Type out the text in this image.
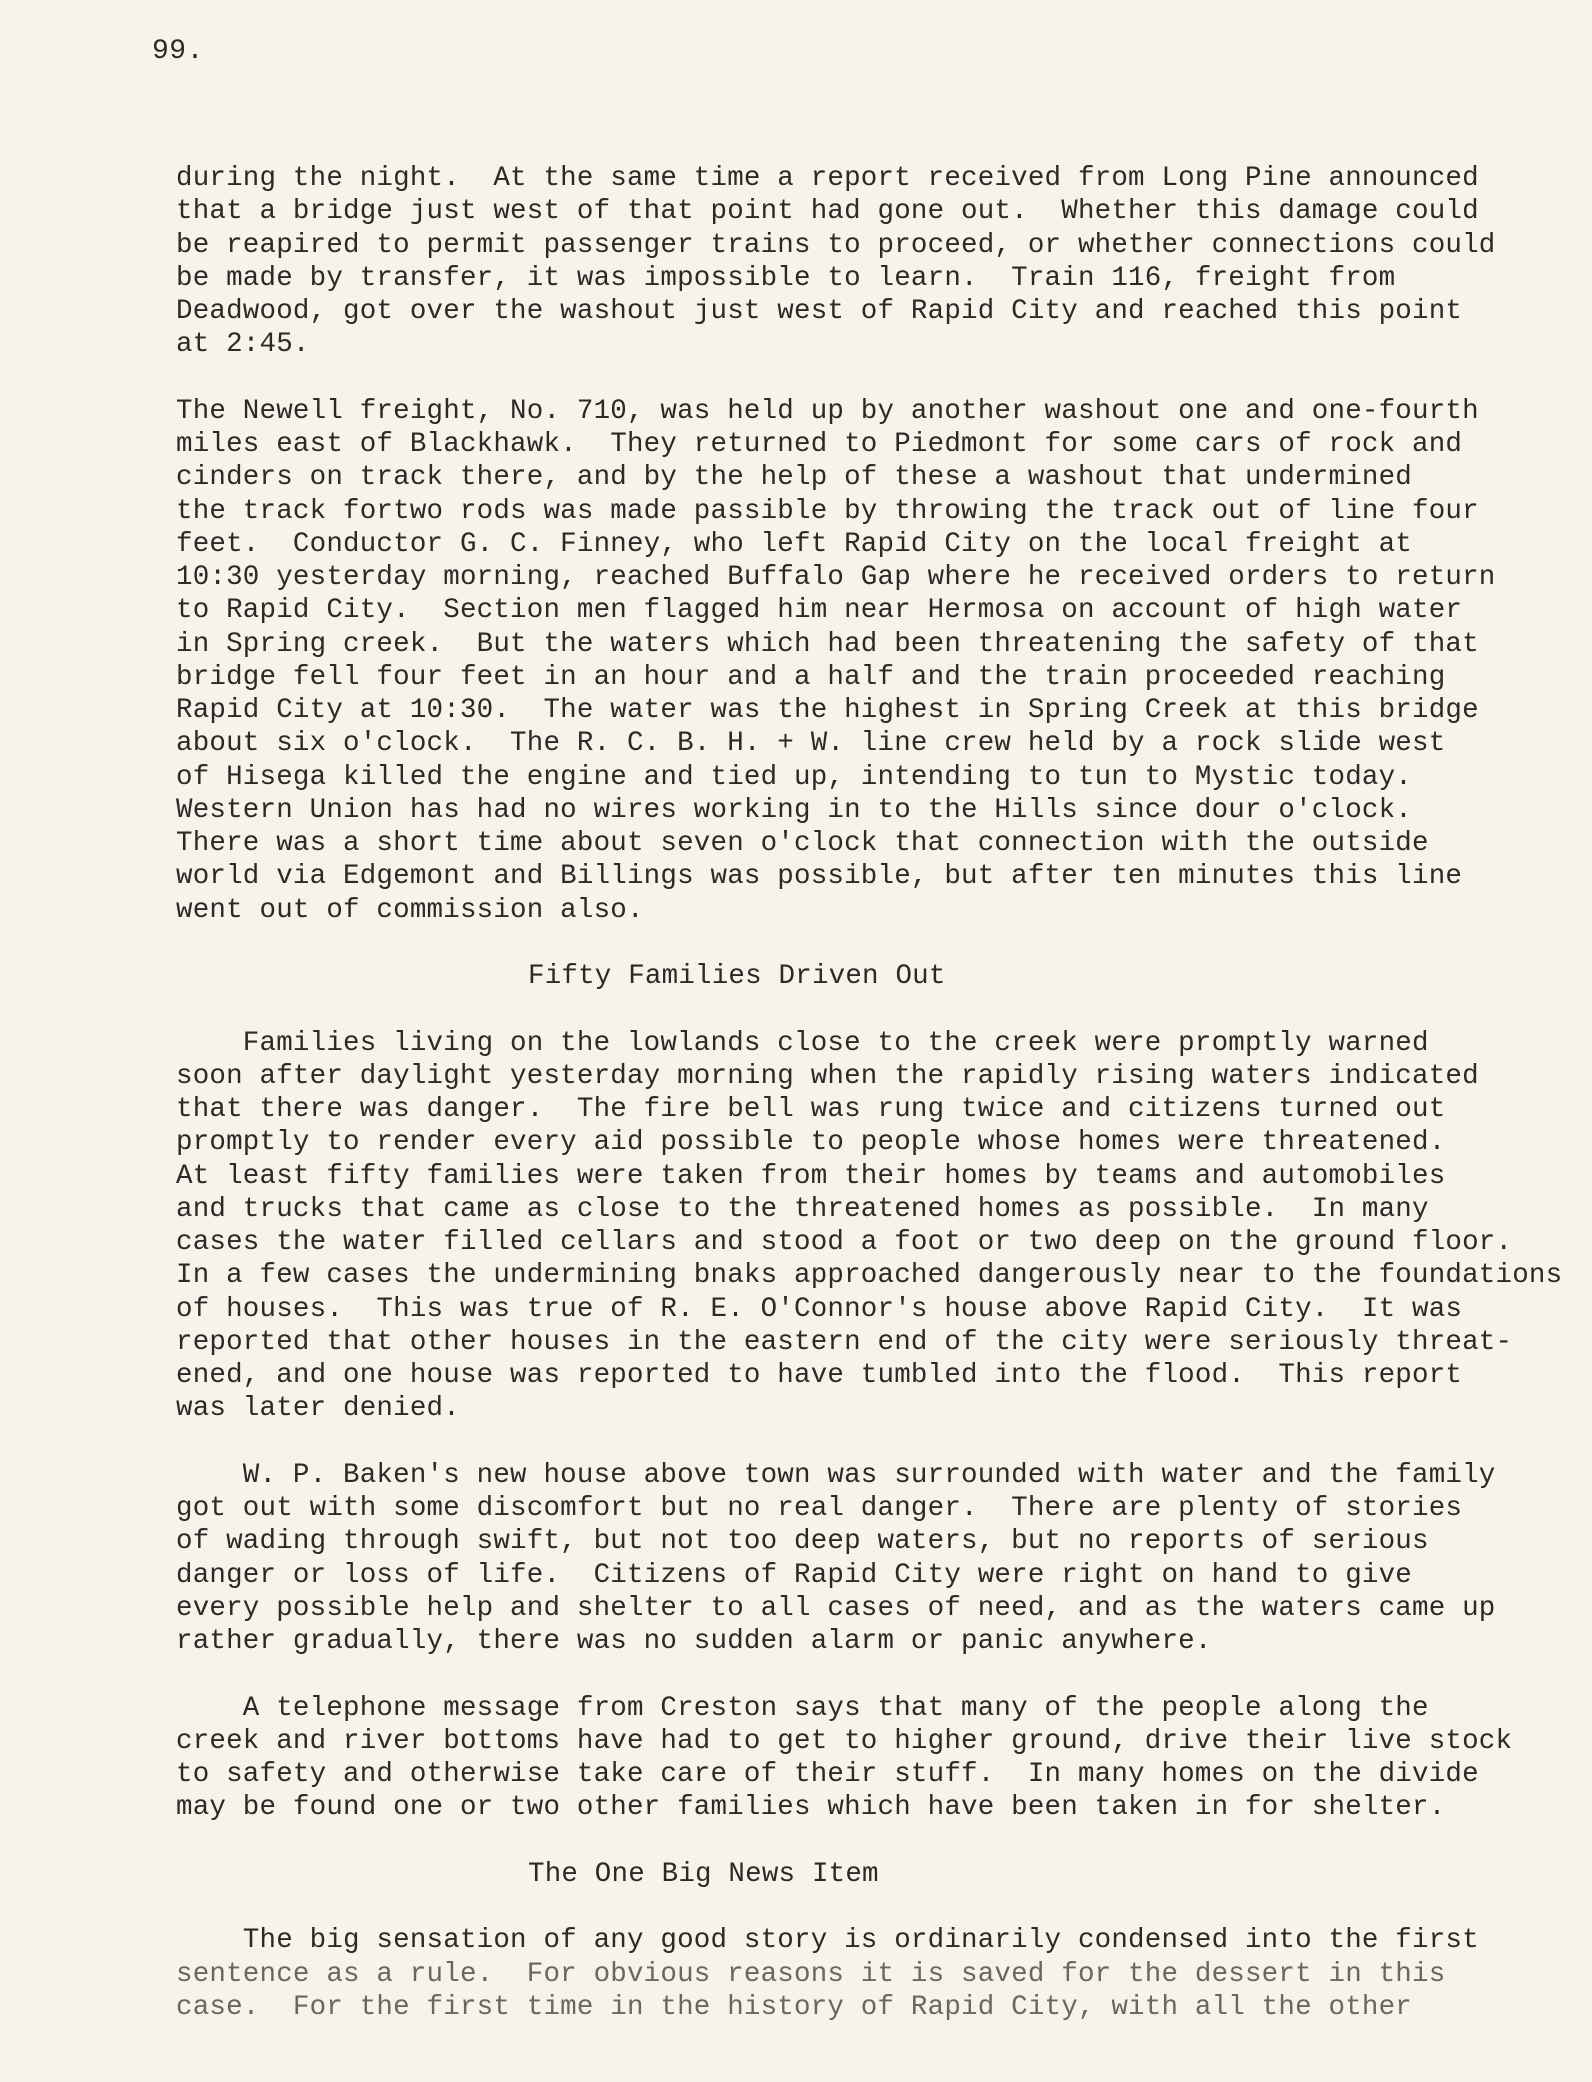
99.
during the night.  At the same time a report received from Long Pine announced
that a bridge just west of that point had gone out.  Whether this damage could
be reapired to permit passenger trains to proceed, or whether connections could
be made by transfer, it was impossible to learn.  Train 116, freight from
Deadwood, got over the washout just west of Rapid City and reached this point
at 2:45.
The Newell freight, No. 710, was held up by another washout one and one-fourth
miles east of Blackhawk.  They returned to Piedmont for some cars of rock and
cinders on track there, and by the help of these a washout that undermined
the track fortwo rods was made passible by throwing the track out of line four
feet.  Conductor G. C. Finney, who left Rapid City on the local freight at
10:30 yesterday morning, reached Buffalo Gap where he received orders to return
to Rapid City.  Section men flagged him near Hermosa on account of high water
in Spring creek.  But the waters which had been threatening the safety of that
bridge fell four feet in an hour and a half and the train proceeded reaching
Rapid City at 10:30.  The water was the highest in Spring Creek at this bridge
about six o'clock.  The R. C. B. H. + W. line crew held by a rock slide west
of Hisega killed the engine and tied up, intending to tun to Mystic today.
Western Union has had no wires working in to the Hills since dour o'clock.
There was a short time about seven o'clock that connection with the outside
world via Edgemont and Billings was possible, but after ten minutes this line
went out of commission also.
Fifty Families Driven Out
Families living on the lowlands close to the creek were promptly warned
soon after daylight yesterday morning when the rapidly rising waters indicated
that there was danger.  The fire bell was rung twice and citizens turned out
promptly to render every aid possible to people whose homes were threatened.
At least fifty families were taken from their homes by teams and automobiles
and trucks that came as close to the threatened homes as possible.  In many
cases the water filled cellars and stood a foot or two deep on the ground floor.
In a few cases the undermining bnaks approached dangerously near to the foundations
of houses.  This was true of R. E. O'Connor's house above Rapid City.  It was
reported that other houses in the eastern end of the city were seriously threat-
ened, and one house was reported to have tumbled into the flood.  This report
was later denied.
W. P. Baken's new house above town was surrounded with water and the family
got out with some discomfort but no real danger.  There are plenty of stories
of wading through swift, but not too deep waters, but no reports of serious
danger or loss of life.  Citizens of Rapid City were right on hand to give
every possible help and shelter to all cases of need, and as the waters came up
rather gradually, there was no sudden alarm or panic anywhere.
A telephone message from Creston says that many of the people along the
creek and river bottoms have had to get to higher ground, drive their live stock
to safety and otherwise take care of their stuff.  In many homes on the divide
may be found one or two other families which have been taken in for shelter.
The One Big News Item
The big sensation of any good story is ordinarily condensed into the first
sentence as a rule.  For obvious reasons it is saved for the dessert in this
case.  For the first time in the history of Rapid City, with all the other
